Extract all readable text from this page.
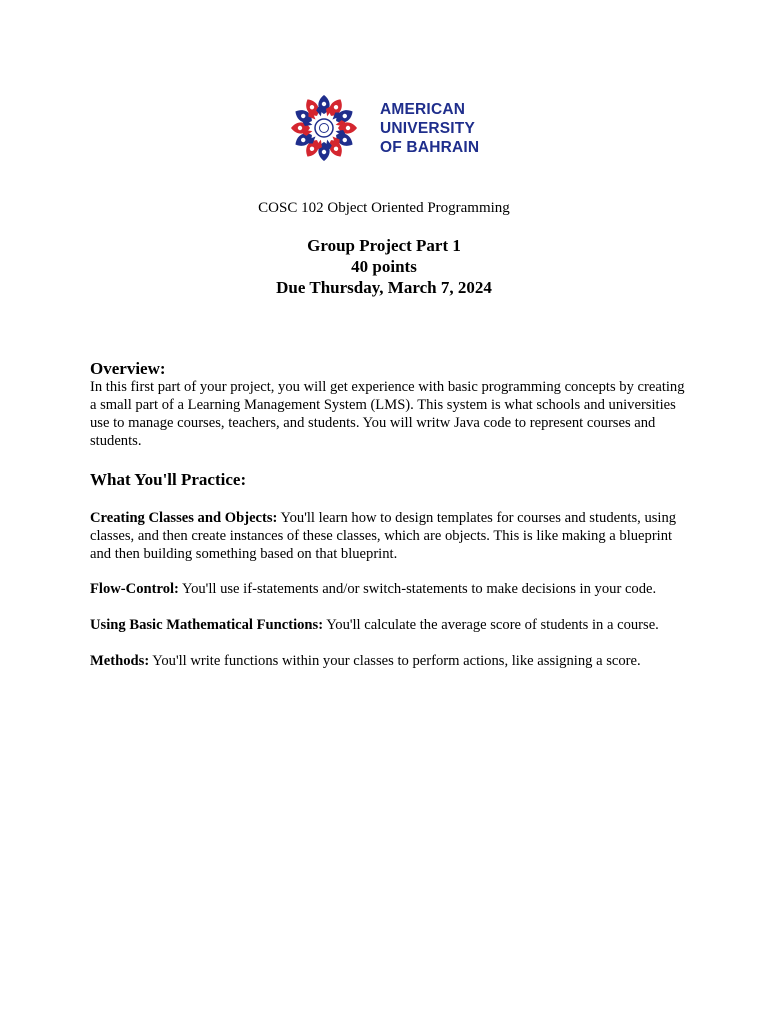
AMERICAN
UNIVERSITY
OF BAHRAIN
COSC 102 Object Oriented Programming
Group Project Part 1
40 points
Due Thursday, March 7, 2024
Overview:

In this first part of your project, you will get experience with basic programming concepts by creating a small part of a Learning Management System (LMS). This system is what schools and universities use to manage courses, teachers, and students. You will writw Java code to represent courses and students.

What You'll Practice:

Creating Classes and Objects: You'll learn how to design templates for courses and students, using classes, and then create instances of these classes, which are objects. This is like making a blueprint and then building something based on that blueprint.

Flow-Control: You'll use if-statements and/or switch-statements to make decisions in your code.

Using Basic Mathematical Functions: You'll calculate the average score of students in a course.

Methods: You'll write functions within your classes to perform actions, like assigning a score.
